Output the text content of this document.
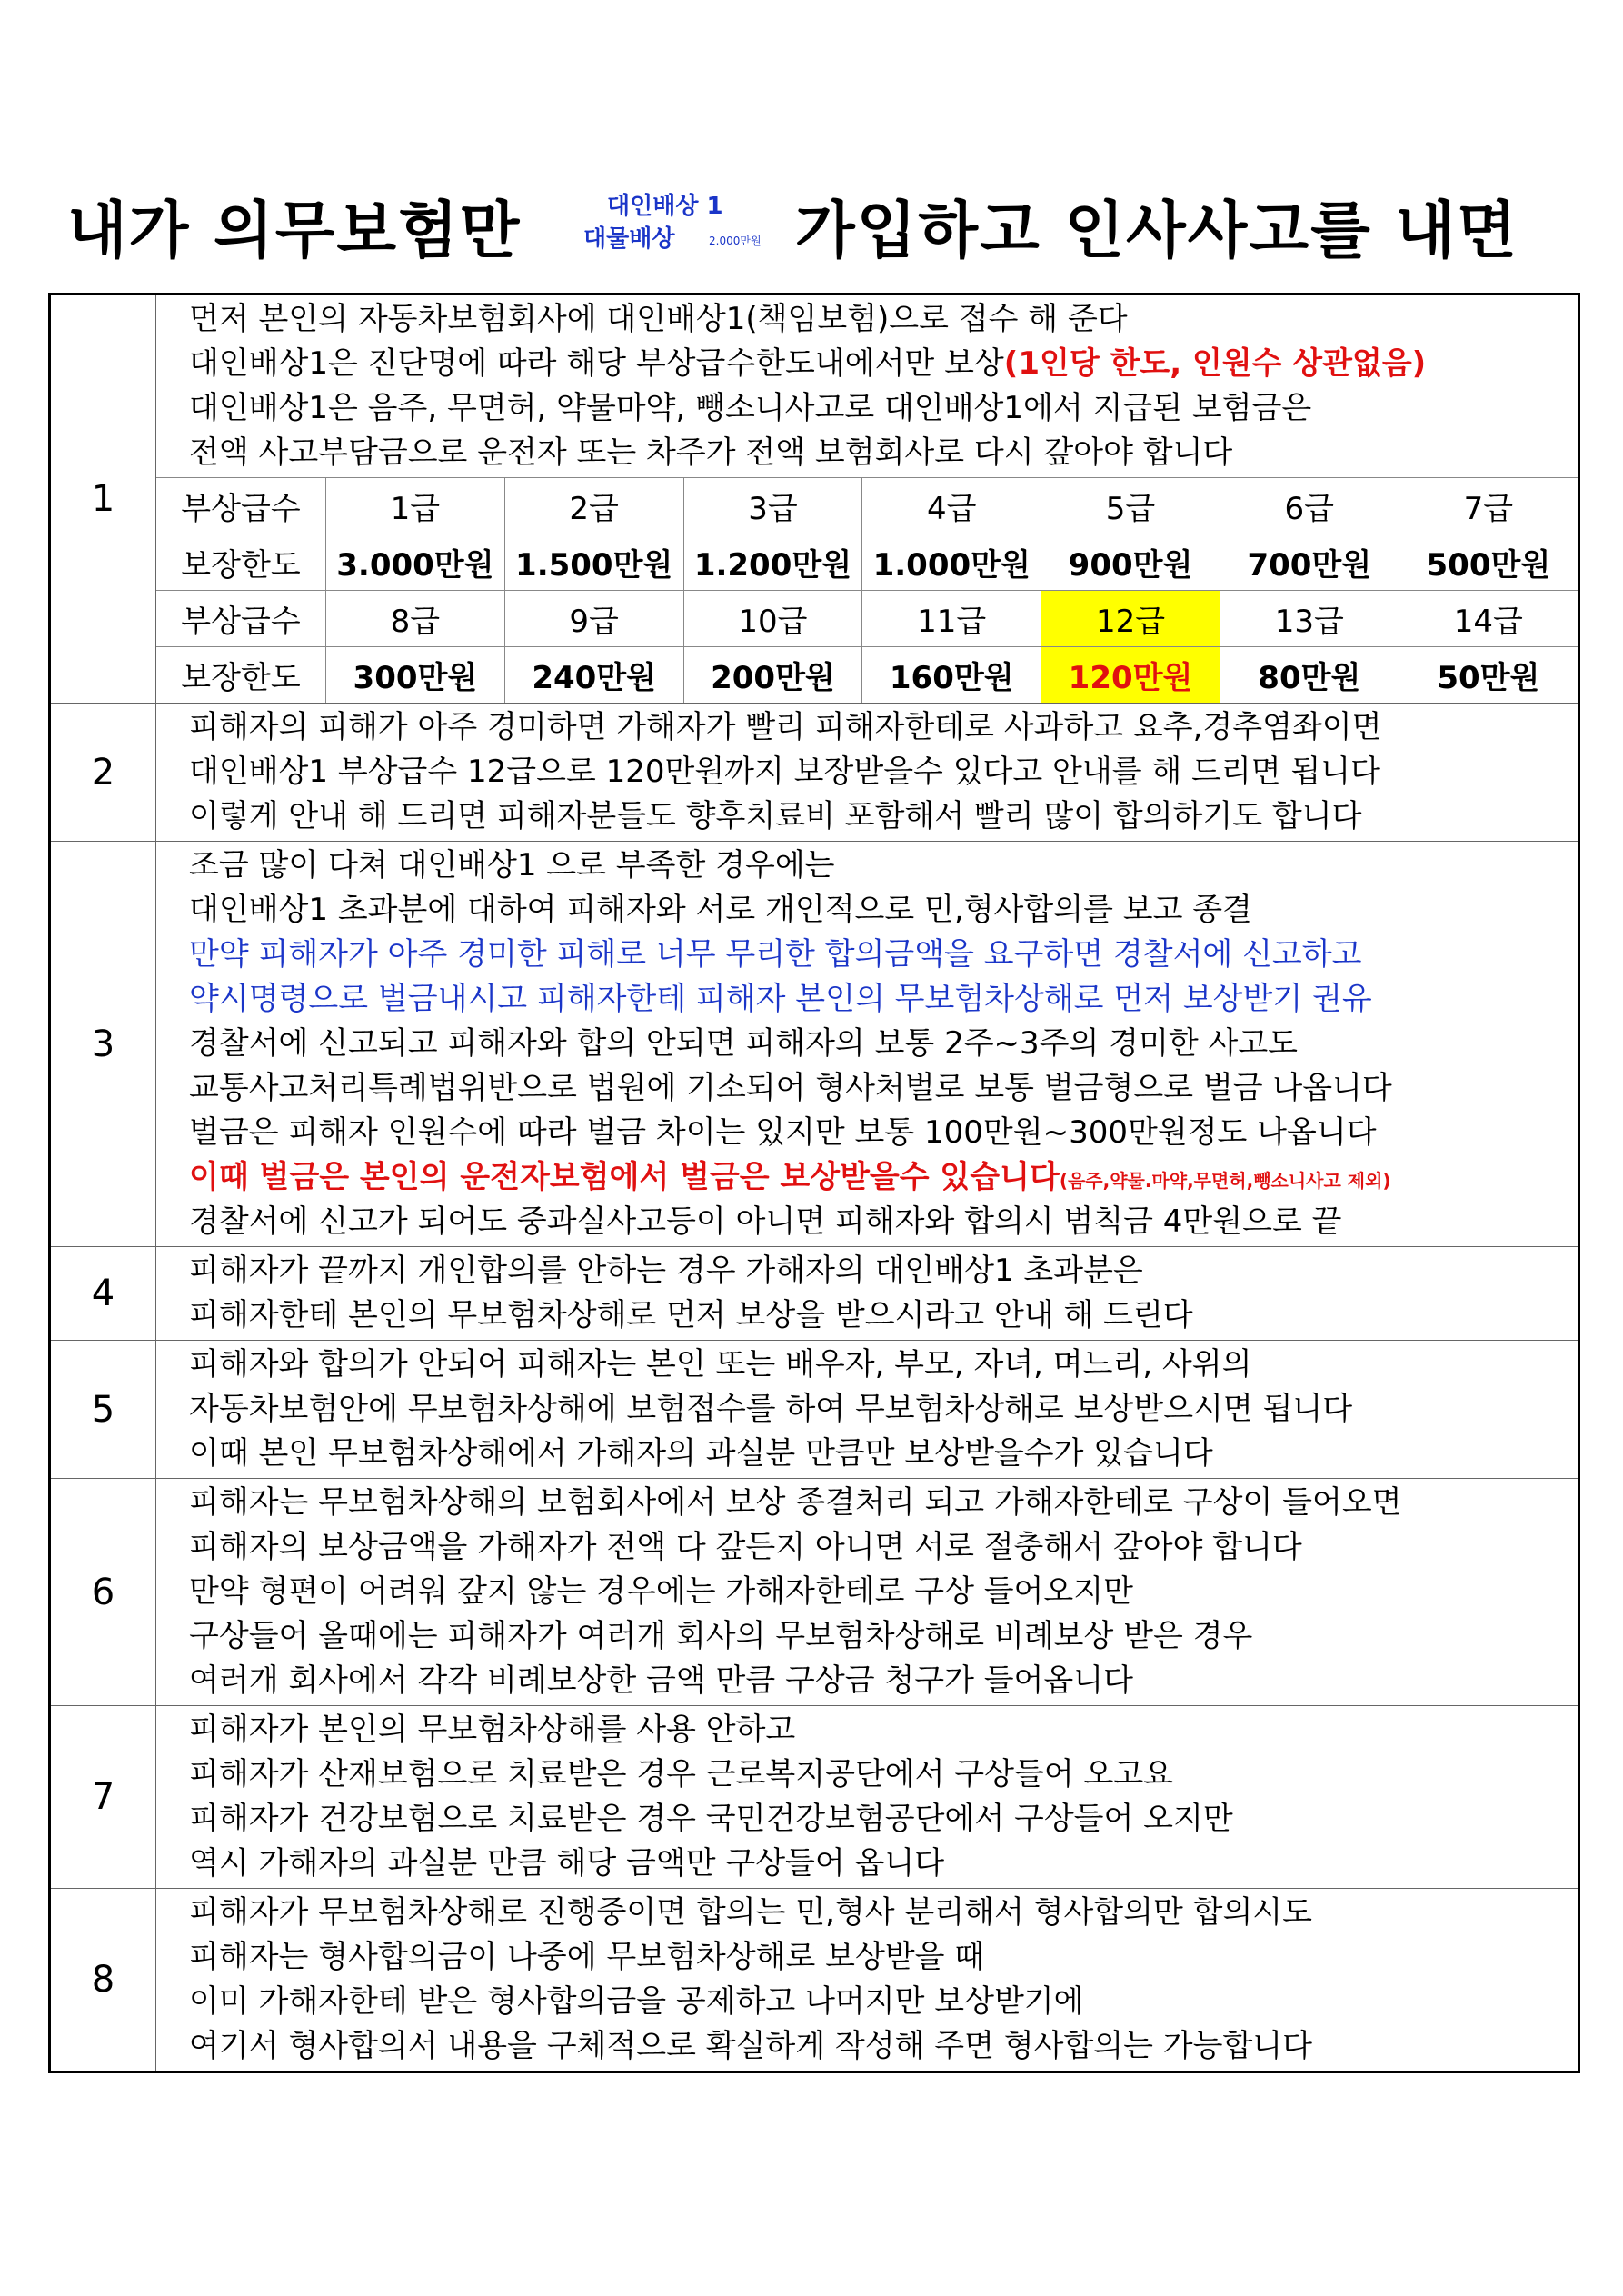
내가 의무보험만	대인배상 1
대물배상	2.000만원 가입하고 인사사고를 내면
1	
먼저 본인의 자동차보험회사에 대인배상1(책임보험)으로 접수 해 준다
대인배상1은 진단명에 따라 해당 부상급수한도내에서만 보상(1인당 한도, 인원수 상관없음)
대인배상1은 음주, 무면허, 약물마약, 뺑소니사고로 대인배상1에서 지급된 보험금은
전액 사고부담금으로 운전자 또는 차주가 전액 보험회사로 다시 갚아야 합니다
부상급수	1급	2급	3급	4급	5급	6급	7급
보장한도	3.000만원	1.500만원	1.200만원	1.000만원	900만원	700만원	500만원
부상급수	8급	9급	10급	11급	12급	13급	14급
보장한도	300만원	240만원	200만원	160만원	120만원	80만원	50만원

2	
피해자의 피해가 아주 경미하면 가해자가 빨리 피해자한테로 사과하고 요추,경추염좌이면
대인배상1 부상급수 12급으로 120만원까지 보장받을수 있다고 안내를 해 드리면 됩니다
이렇게 안내 해 드리면 피해자분들도 향후치료비 포함해서 빨리 많이 합의하기도 합니다

3	
조금 많이 다쳐 대인배상1 으로 부족한 경우에는
대인배상1 초과분에 대하여 피해자와 서로 개인적으로 민,형사합의를 보고 종결
만약 피해자가 아주 경미한 피해로 너무 무리한 합의금액을 요구하면 경찰서에 신고하고
약시명령으로 벌금내시고 피해자한테 피해자 본인의 무보험차상해로 먼저 보상받기 권유
경찰서에 신고되고 피해자와 합의 안되면 피해자의 보통 2주~3주의 경미한 사고도
교통사고처리특례법위반으로 법원에 기소되어 형사처벌로 보통 벌금형으로 벌금 나옵니다
벌금은 피해자 인원수에 따라 벌금 차이는 있지만 보통 100만원~300만원정도 나옵니다
이때 벌금은 본인의 운전자보험에서 벌금은 보상받을수 있습니다(음주,약물.마약,무면허,뺑소니사고 제외)
경찰서에 신고가 되어도 중과실사고등이 아니면 피해자와 합의시 범칙금 4만원으로 끝

4	
피해자가 끝까지 개인합의를 안하는 경우 가해자의 대인배상1 초과분은
피해자한테 본인의 무보험차상해로 먼저 보상을 받으시라고 안내 해 드린다

5	
피해자와 합의가 안되어 피해자는 본인 또는 배우자, 부모, 자녀, 며느리, 사위의
자동차보험안에 무보험차상해에 보험접수를 하여 무보험차상해로 보상받으시면 됩니다
이때 본인 무보험차상해에서 가해자의 과실분 만큼만 보상받을수가 있습니다

6	
피해자는 무보험차상해의 보험회사에서 보상 종결처리 되고 가해자한테로 구상이 들어오면
피해자의 보상금액을 가해자가 전액 다 갚든지 아니면 서로 절충해서 갚아야 합니다
만약 형편이 어려워 갚지 않는 경우에는 가해자한테로 구상 들어오지만
구상들어 올때에는 피해자가 여러개 회사의 무보험차상해로 비례보상 받은 경우
여러개 회사에서 각각 비례보상한 금액 만큼 구상금 청구가 들어옵니다

7	
피해자가 본인의 무보험차상해를 사용 안하고
피해자가 산재보험으로 치료받은 경우 근로복지공단에서 구상들어 오고요
피해자가 건강보험으로 치료받은 경우 국민건강보험공단에서 구상들어 오지만
역시 가해자의 과실분 만큼 해당 금액만 구상들어 옵니다

8	
피해자가 무보험차상해로 진행중이면 합의는 민,형사 분리해서 형사합의만 합의시도
피해자는 형사합의금이 나중에 무보험차상해로 보상받을 때
이미 가해자한테 받은 형사합의금을 공제하고 나머지만 보상받기에
여기서 형사합의서 내용을 구체적으로 확실하게 작성해 주면 형사합의는 가능합니다
